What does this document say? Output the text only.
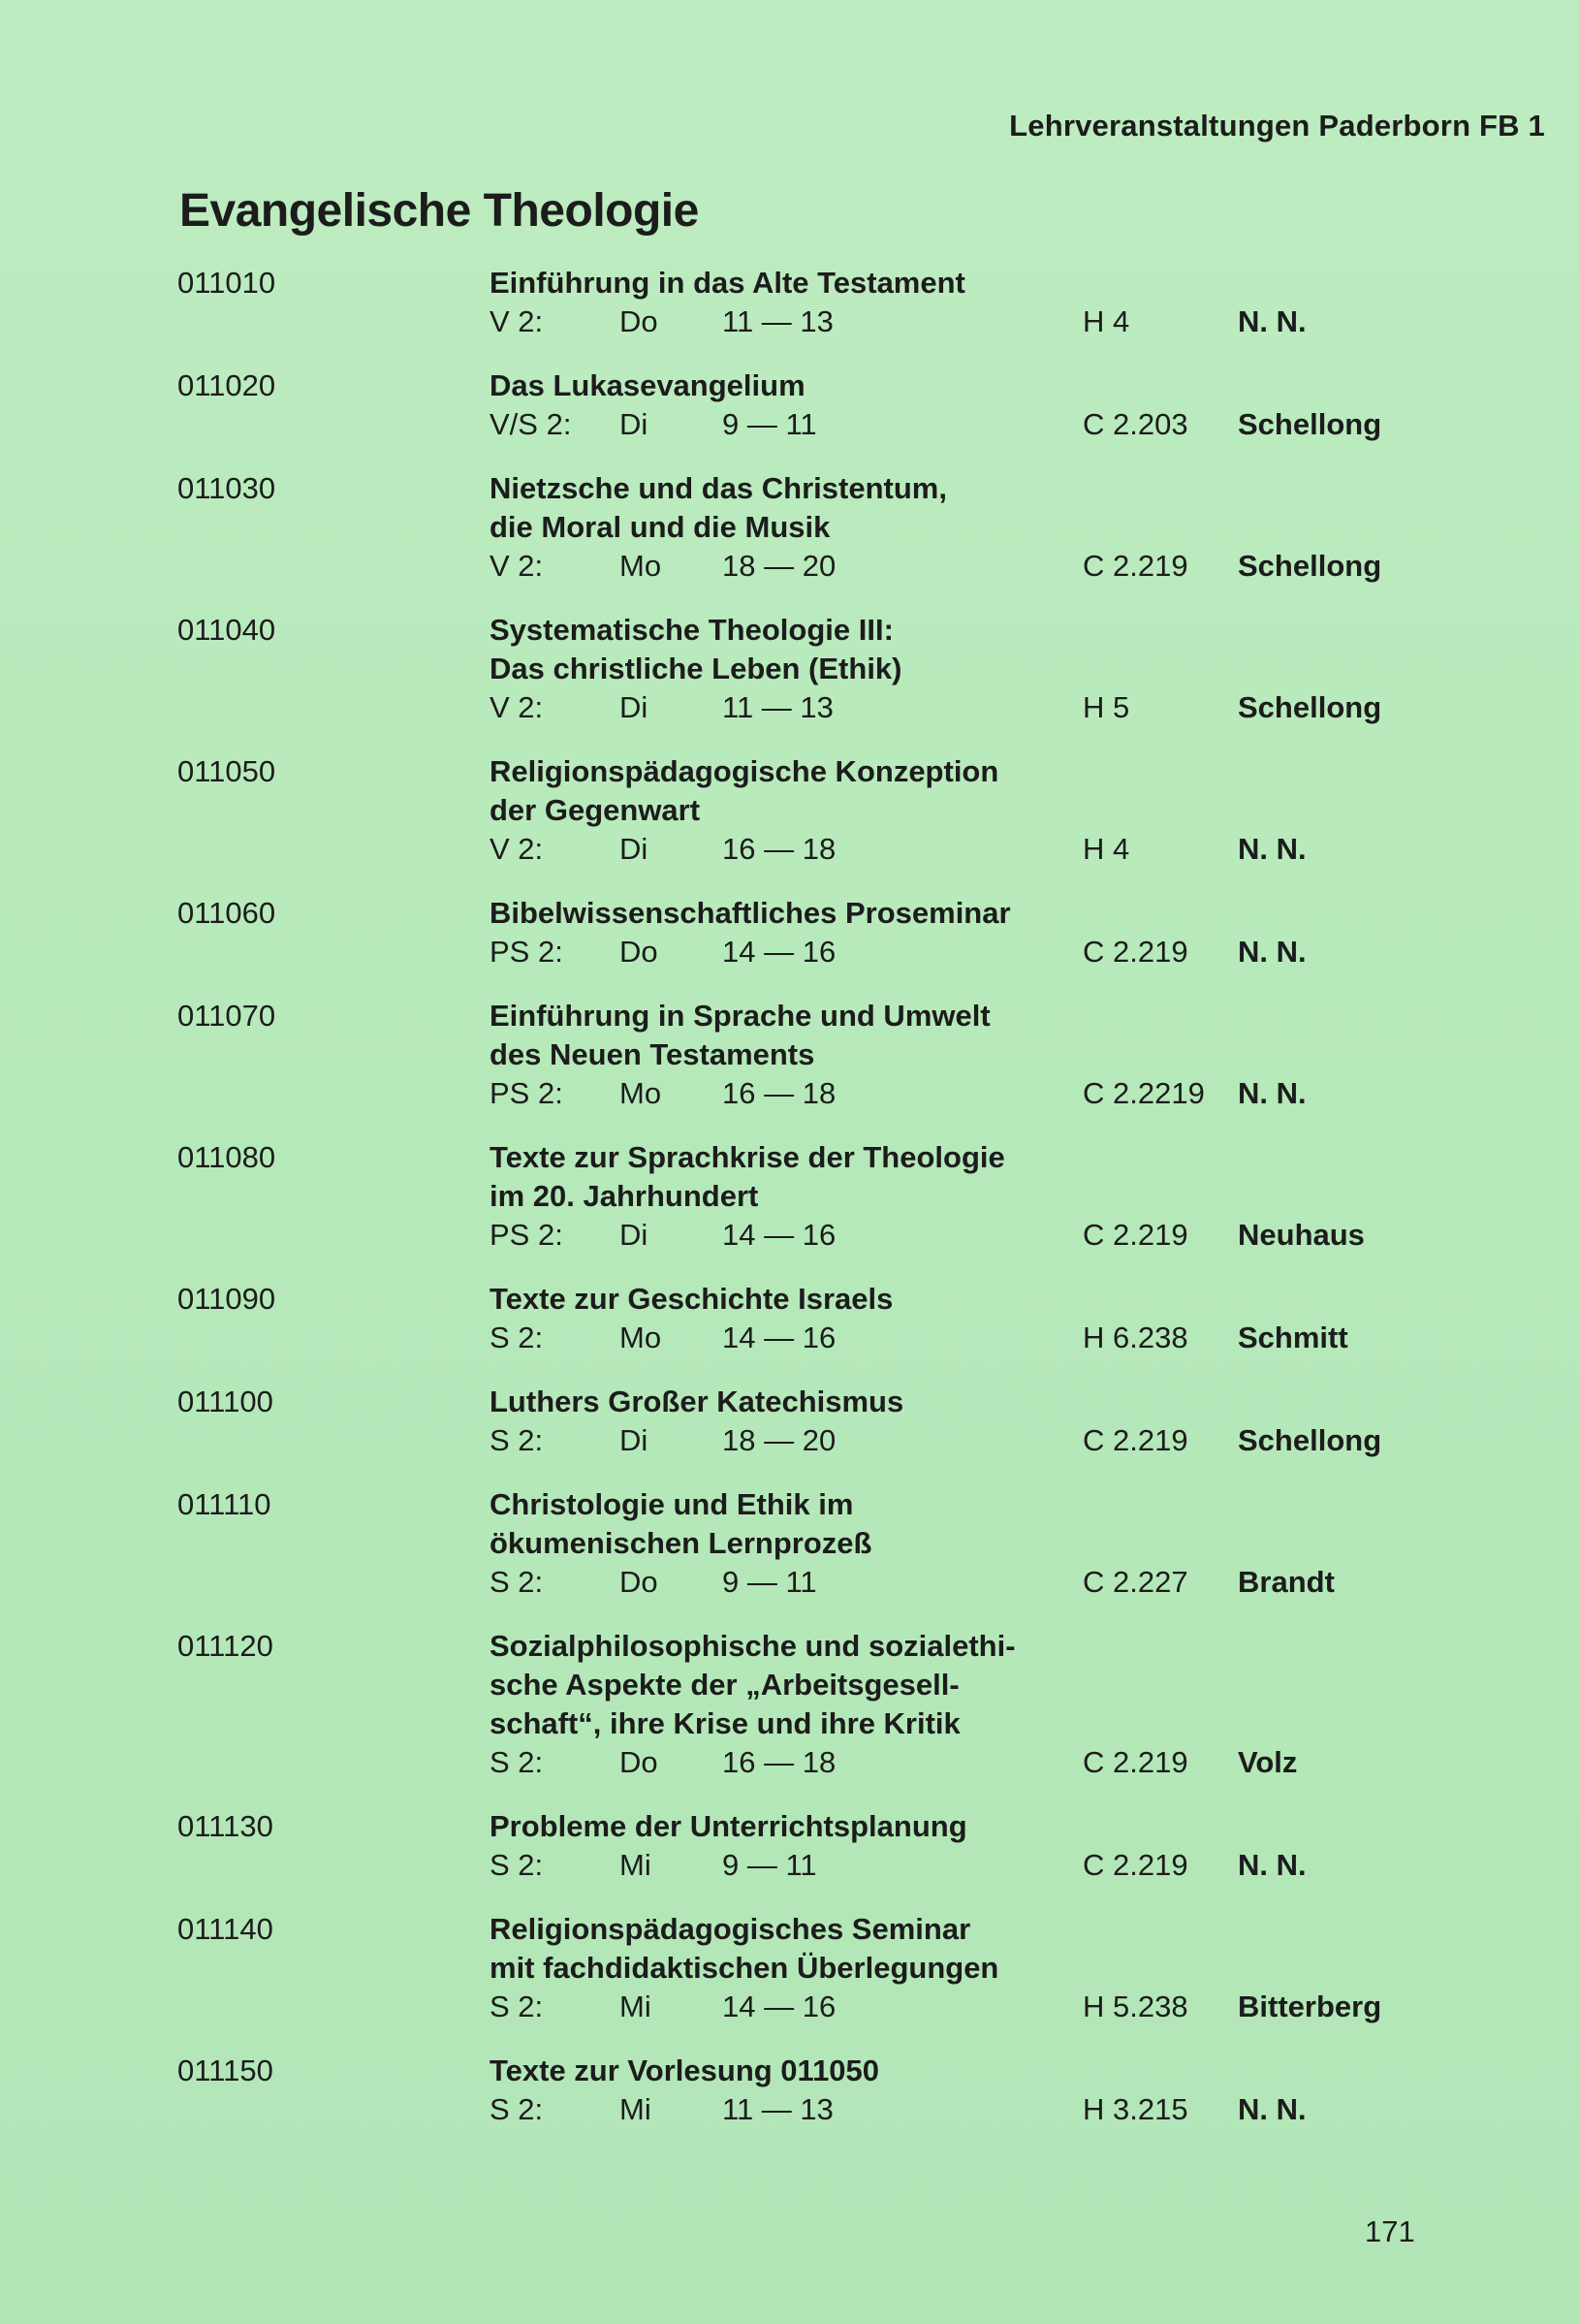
Lehrveranstaltungen Paderborn FB 1
Evangelische Theologie
011010	Einführung in das Alte Testament
V 2:	Do 11 — 13	H 4	N. N.
011020	Das Lukasevangelium
V/S 2: Di 9 — 11	C 2.203 Schellong
011030	Nietzsche und das Christentum,
die Moral und die Musik
V 2:	Mo 18 — 20	C 2.219 Schellong
011040	Systematische Theologie III:
Das christliche Leben (Ethik)
V 2:	Di 11 — 13	H 5	Schellong
011050	Religionspädagogische Konzeption
der Gegenwart
V 2:	Di 16 — 18	H 4	N. N.
011060	Bibelwissenschaftliches Proseminar
PS 2: Do 14 — 16	C 2.219 N. N.
011070	Einführung in Sprache und Umwelt
des Neuen Testaments
PS 2: Mo 16 — 18	C 2.2219 N. N.
011080	Texte zur Sprachkrise der Theologie
im 20. Jahrhundert
PS 2: Di 14 — 16	C 2.219 Neuhaus
011090	Texte zur Geschichte Israels
S 2:	Mo 14 — 16	H 6.238 Schmitt
011100	Luthers Großer Katechismus
S 2:	Di 18 — 20	C 2.219 Schellong
011110	Christologie und Ethik im
ökumenischen Lernprozeß
S 2:	Do 9 — 11	C 2.227 Brandt
011120	Sozialphilosophische und sozialethi-
sche Aspekte der „Arbeitsgesell-
schaft“, ihre Krise und ihre Kritik
S 2:	Do 16 — 18	C 2.219 Volz
011130	Probleme der Unterrichtsplanung
S 2:	Mi 9 — 11	C 2.219 N. N.
011140	Religionspädagogisches Seminar
mit fachdidaktischen Überlegungen
S 2:	Mi 14 — 16	H 5.238 Bitterberg
011150	Texte zur Vorlesung 011050
S 2:	Mi 11 — 13	H 3.215 N. N.
171
